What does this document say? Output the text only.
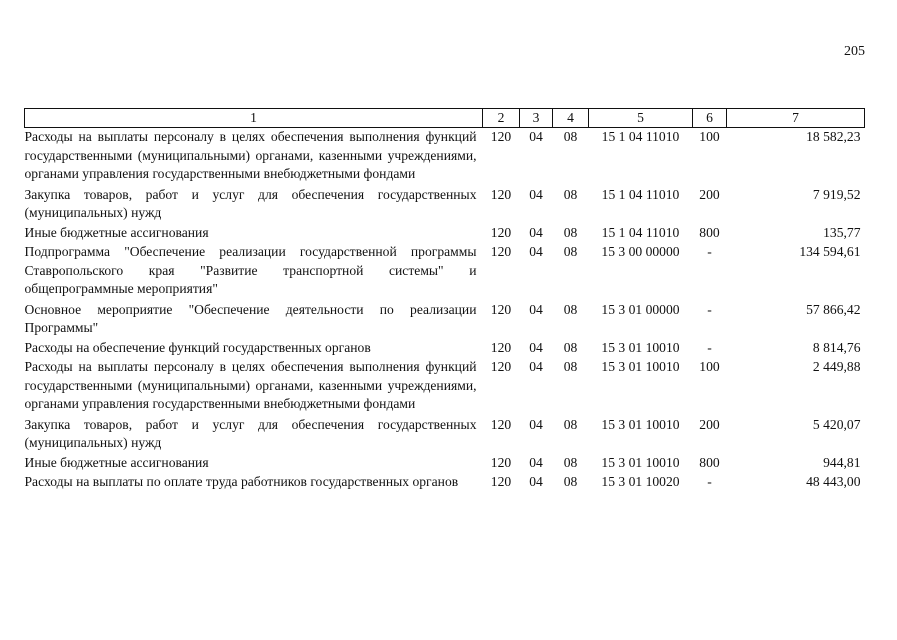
205
1	2	3	4	5	6	7
Расходы на выплаты персоналу в целях обеспечения выполнения функций государственными (муниципальными) органами, казенными учреждениями, органами управления государственными внебюджетными фондами	120	04	08	15 1 04 11010	100	18 582,23
Закупка товаров, работ и услуг для обеспечения государственных (муниципальных) нужд	120	04	08	15 1 04 11010	200	7 919,52
Иные бюджетные ассигнования	120	04	08	15 1 04 11010	800	135,77
Подпрограмма "Обеспечение реализации государственной программы Ставропольского края "Развитие транспортной системы" и общепрограммные мероприятия"	120	04	08	15 3 00 00000	-	134 594,61
Основное мероприятие "Обеспечение деятельности по реализации Программы"	120	04	08	15 3 01 00000	-	57 866,42
Расходы на обеспечение функций государственных органов	120	04	08	15 3 01 10010	-	8 814,76
Расходы на выплаты персоналу в целях обеспечения выполнения функций государственными (муниципальными) органами, казенными учреждениями, органами управления государственными внебюджетными фондами	120	04	08	15 3 01 10010	100	2 449,88
Закупка товаров, работ и услуг для обеспечения государственных (муниципальных) нужд	120	04	08	15 3 01 10010	200	5 420,07
Иные бюджетные ассигнования	120	04	08	15 3 01 10010	800	944,81
Расходы на выплаты по оплате труда работников государственных органов	120	04	08	15 3 01 10020	-	48 443,00
